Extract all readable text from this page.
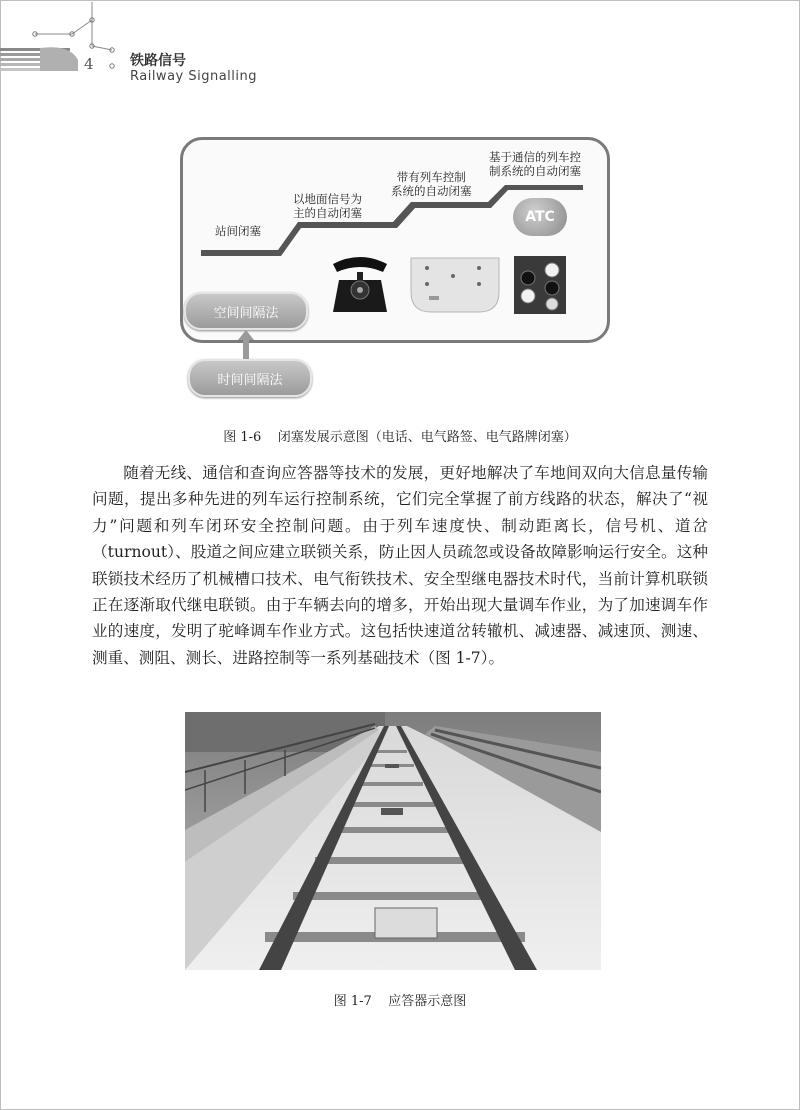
4	铁路信号
Railway Signalling
站间闭塞
以地面信号为
主的自动闭塞
带有列车控制
系统的自动闭塞
基于通信的列车控
制系统的自动闭塞
ATC
空间间隔法
时间间隔法
图 1-6 闭塞发展示意图（电话、电气路签、电气路牌闭塞）

随着无线、通信和查询应答器等技术的发展，更好地解决了车地间双向大信息量传输问题，提出多种先进的列车运行控制系统，它们完全掌握了前方线路的状态，解决了“视力”问题和列车闭环安全控制问题。由于列车速度快、制动距离长，信号机、道岔（turnout）、股道之间应建立联锁关系，防止因人员疏忽或设备故障影响运行安全。这种联锁技术经历了机械槽口技术、电气衔铁技术、安全型继电器技术时代，当前计算机联锁正在逐渐取代继电联锁。由于车辆去向的增多，开始出现大量调车作业，为了加速调车作业的速度，发明了驼峰调车作业方式。这包括快速道岔转辙机、减速器、减速顶、测速、测重、测阻、测长、进路控制等一系列基础技术（图 1-7）。

图 1-7 应答器示意图
